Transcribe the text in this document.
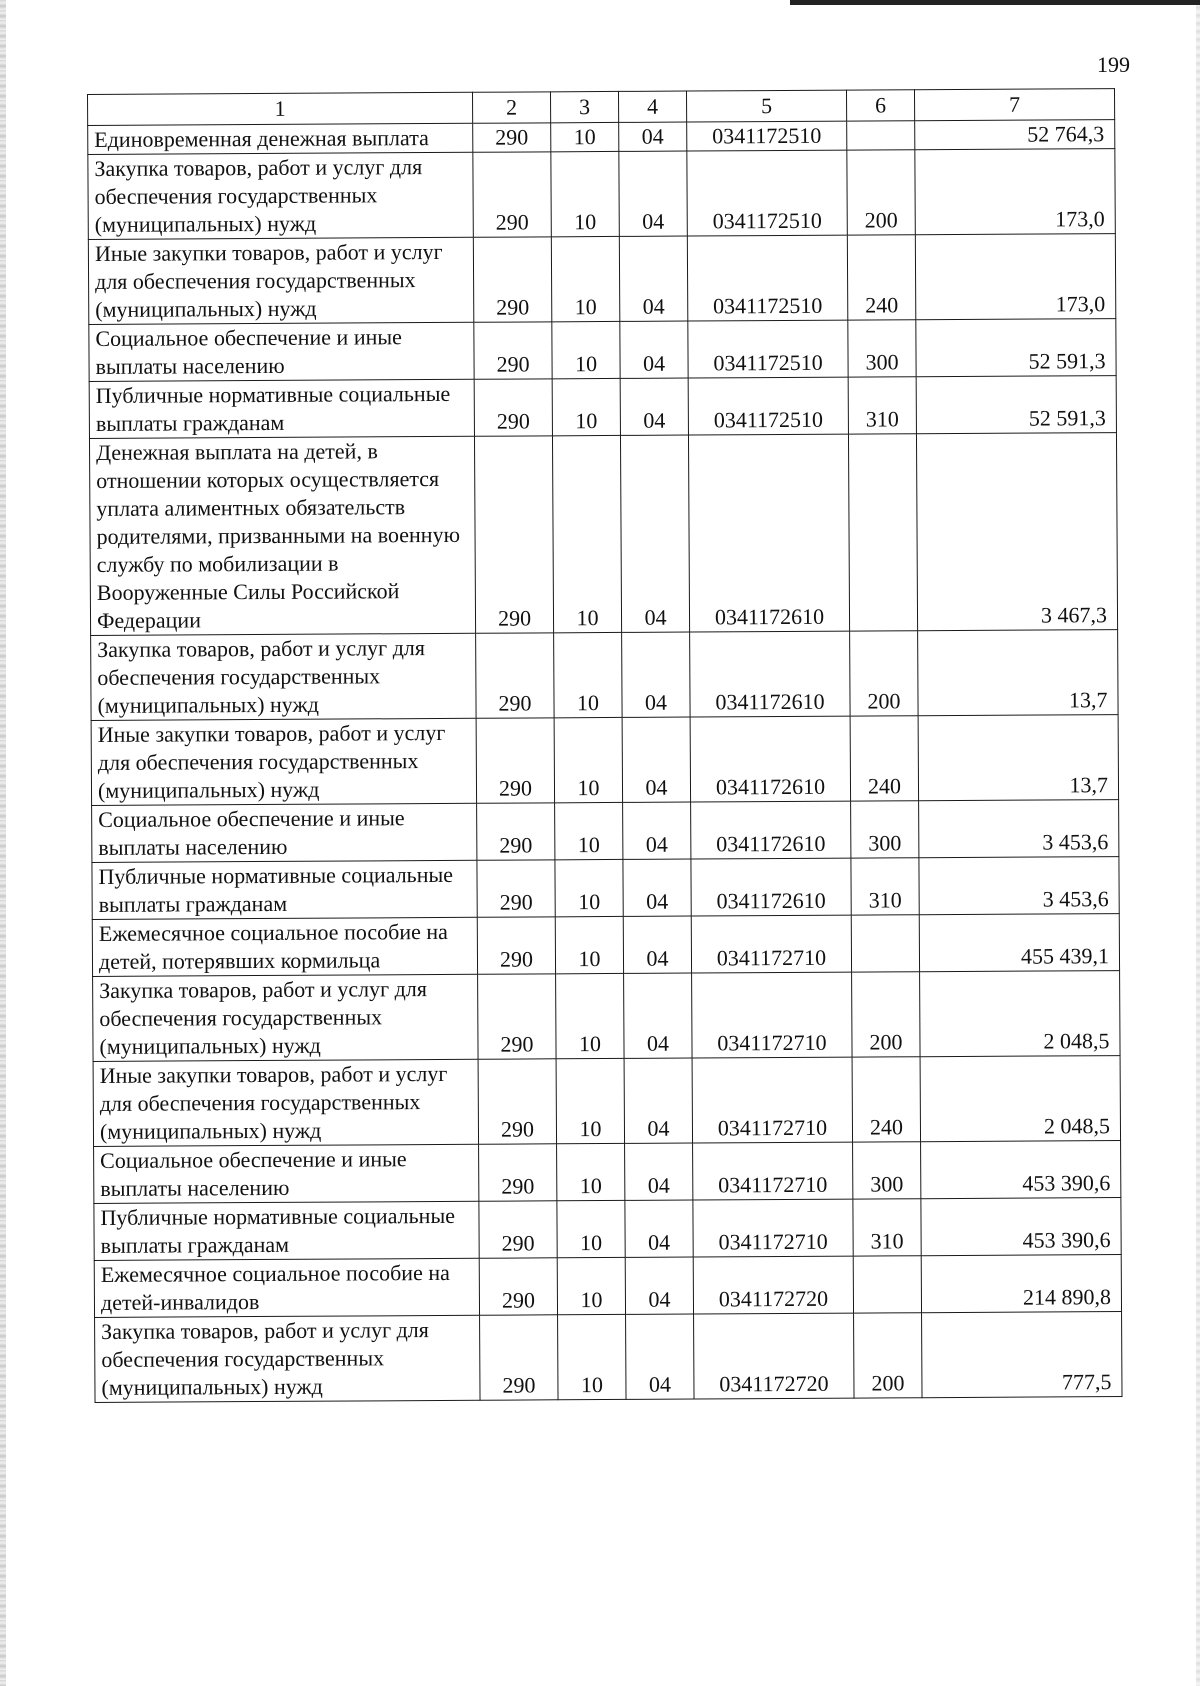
199
1	2	3	4	5	6	7
Единовременная денежная выплата	290	10	04	0341172510		52 764,3
Закупка товаров, работ и услуг для обеспечения государственных (муниципальных) нужд	290	10	04	0341172510	200	173,0
Иные закупки товаров, работ и услуг для обеспечения государственных (муниципальных) нужд	290	10	04	0341172510	240	173,0
Социальное обеспечение и иные выплаты населению	290	10	04	0341172510	300	52 591,3
Публичные нормативные социальные выплаты гражданам	290	10	04	0341172510	310	52 591,3
Денежная выплата на детей, в отношении которых осуществляется уплата алиментных обязательств родителями, призванными на военную службу по мобилизации в Вооруженные Силы Российской Федерации	290	10	04	0341172610		3 467,3
Закупка товаров, работ и услуг для обеспечения государственных (муниципальных) нужд	290	10	04	0341172610	200	13,7
Иные закупки товаров, работ и услуг для обеспечения государственных (муниципальных) нужд	290	10	04	0341172610	240	13,7
Социальное обеспечение и иные выплаты населению	290	10	04	0341172610	300	3 453,6
Публичные нормативные социальные выплаты гражданам	290	10	04	0341172610	310	3 453,6
Ежемесячное социальное пособие на детей, потерявших кормильца	290	10	04	0341172710		455 439,1
Закупка товаров, работ и услуг для обеспечения государственных (муниципальных) нужд	290	10	04	0341172710	200	2 048,5
Иные закупки товаров, работ и услуг для обеспечения государственных (муниципальных) нужд	290	10	04	0341172710	240	2 048,5
Социальное обеспечение и иные выплаты населению	290	10	04	0341172710	300	453 390,6
Публичные нормативные социальные выплаты гражданам	290	10	04	0341172710	310	453 390,6
Ежемесячное социальное пособие на детей-инвалидов	290	10	04	0341172720		214 890,8
Закупка товаров, работ и услуг для обеспечения государственных (муниципальных) нужд	290	10	04	0341172720	200	777,5
